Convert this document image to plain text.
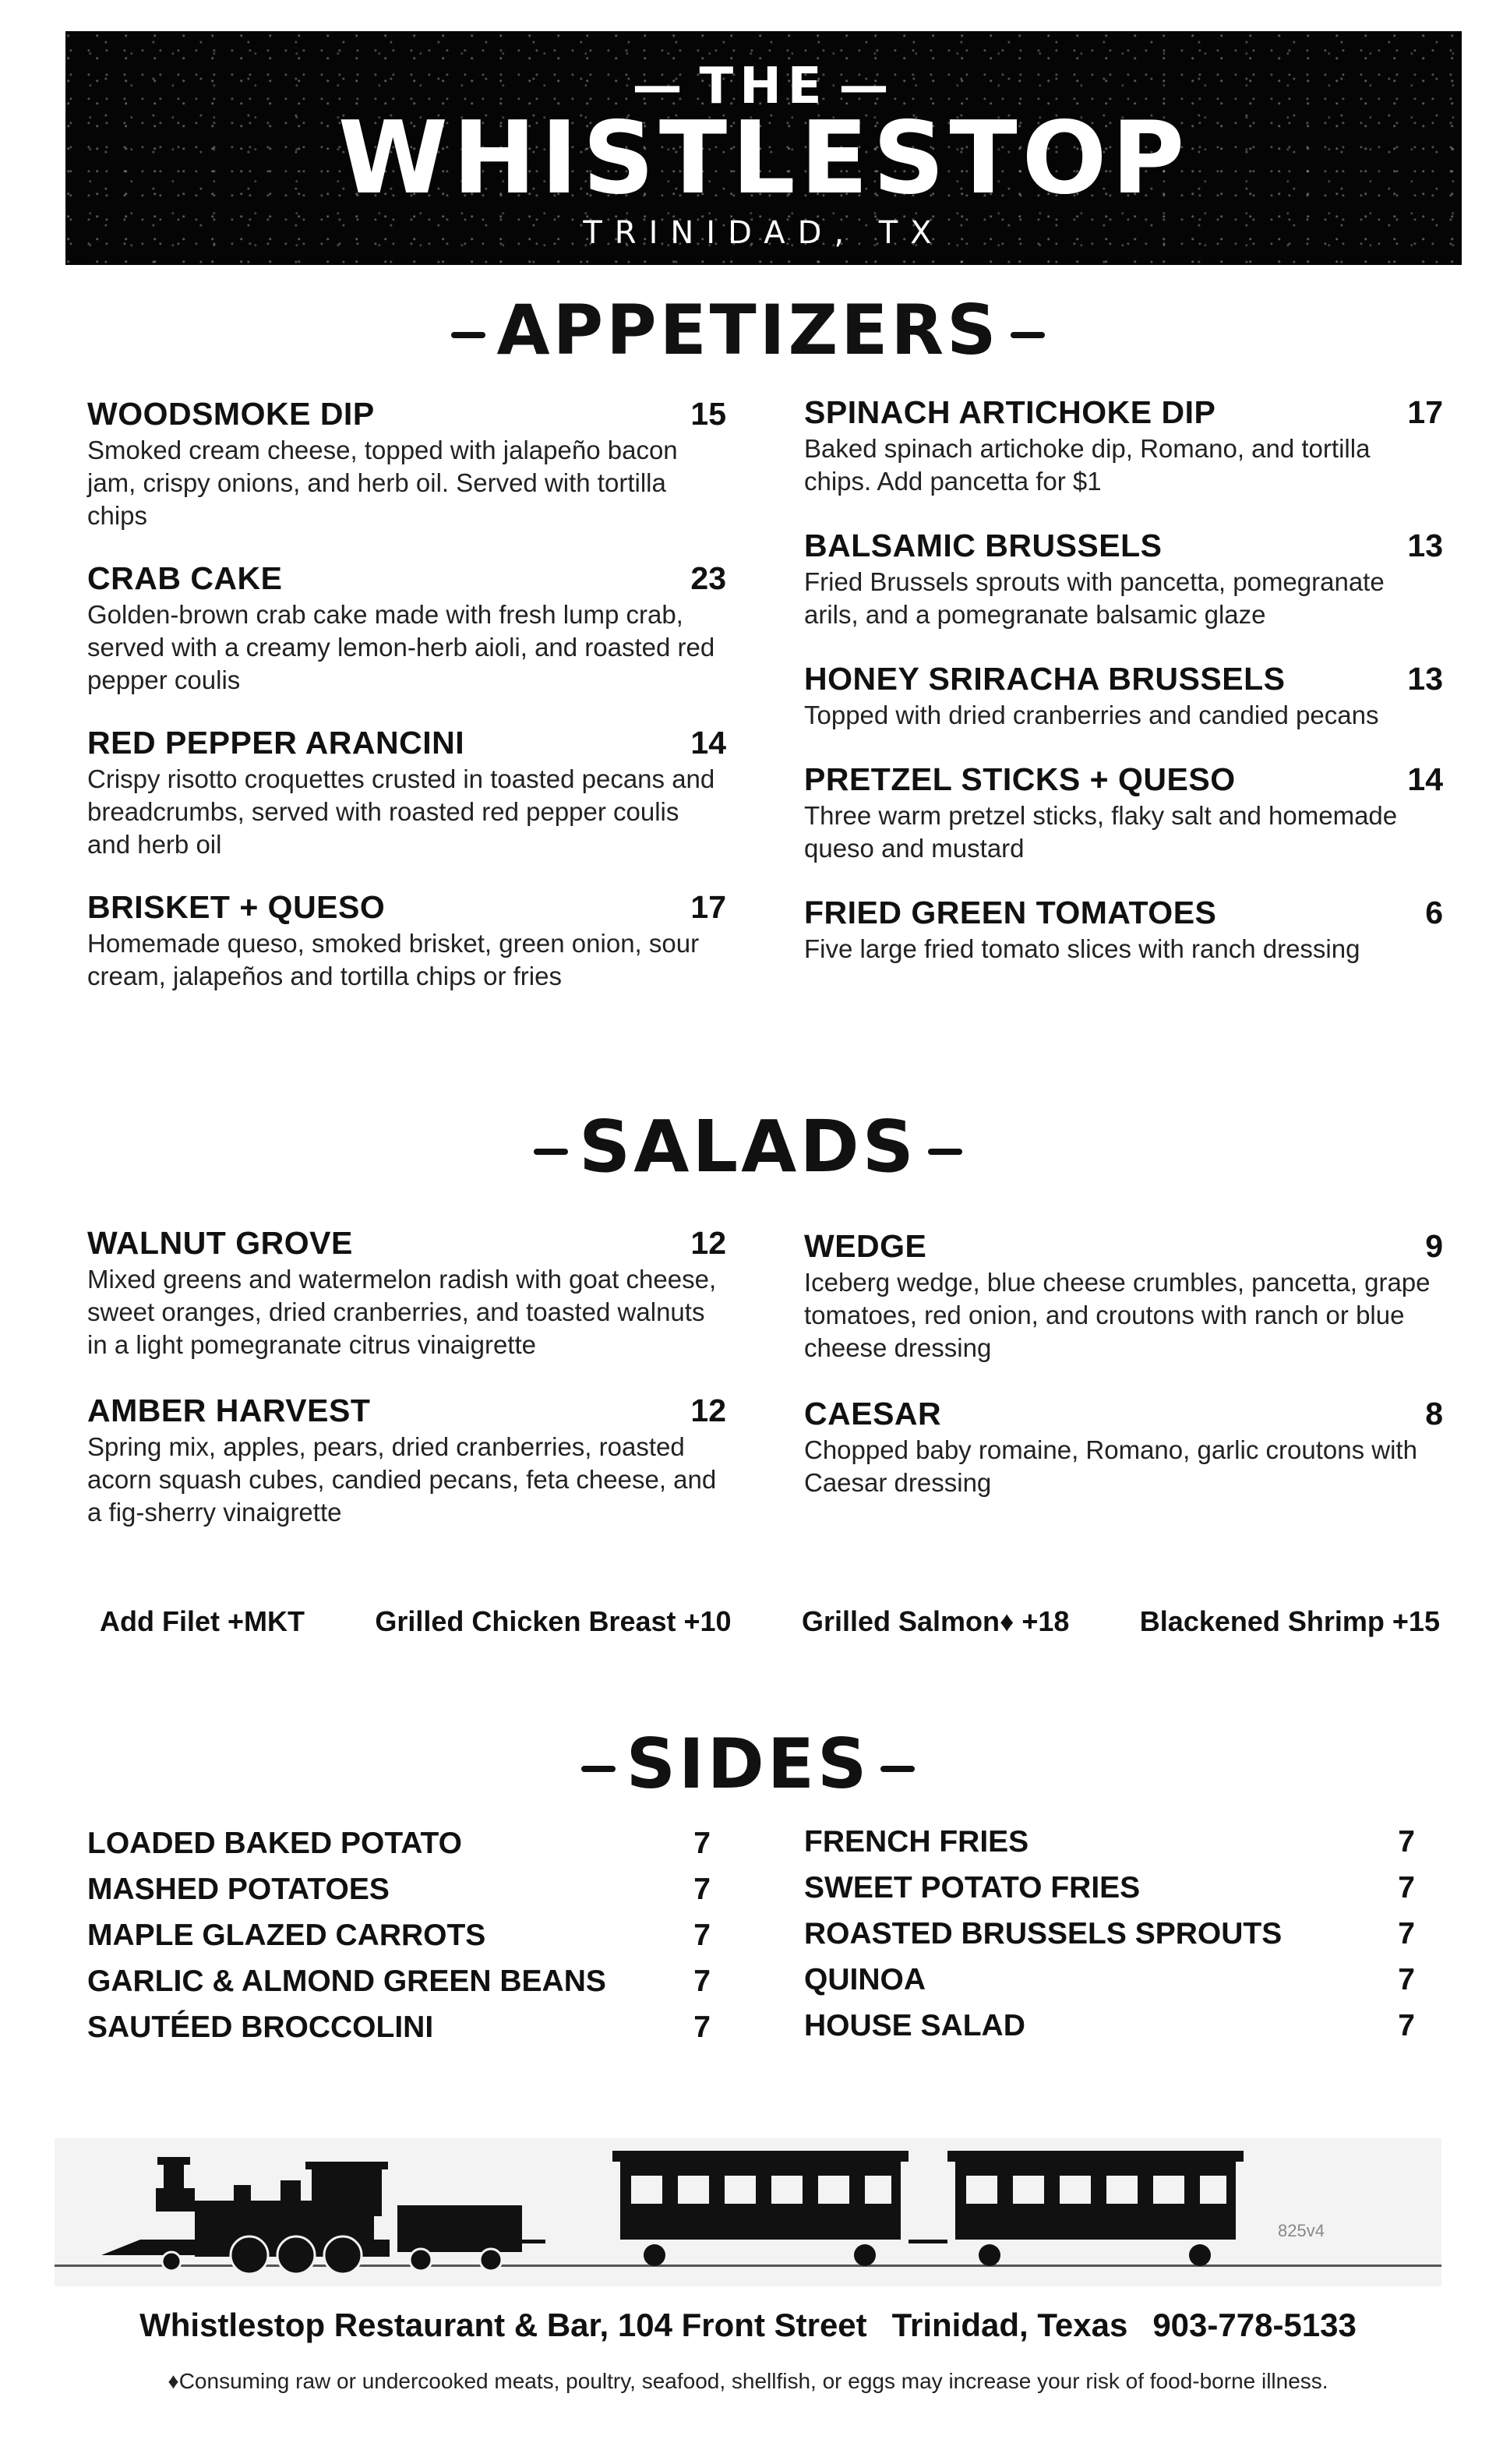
— THE —
WHISTLESTOP
TRINIDAD, TX
APPETIZERS
WOODSMOKE DIP	15
Smoked cream cheese, topped with jalapeño bacon jam, crispy onions, and herb oil. Served with tortilla chips
CRAB CAKE	23
Golden-brown crab cake made with fresh lump crab, served with a creamy lemon-herb aioli, and roasted red pepper coulis
RED PEPPER ARANCINI	14
Crispy risotto croquettes crusted in toasted pecans and breadcrumbs, served with roasted red pepper coulis and herb oil
BRISKET + QUESO	17
Homemade queso, smoked brisket, green onion, sour cream, jalapeños and tortilla chips or fries
SPINACH ARTICHOKE DIP	17
Baked spinach artichoke dip, Romano, and tortilla chips. Add pancetta for $1
BALSAMIC BRUSSELS	13
Fried Brussels sprouts with pancetta, pomegranate arils, and a pomegranate balsamic glaze
HONEY SRIRACHA BRUSSELS	13
Topped with dried cranberries and candied pecans
PRETZEL STICKS + QUESO	14
Three warm pretzel sticks, flaky salt and homemade queso and mustard
FRIED GREEN TOMATOES	6
Five large fried tomato slices with ranch dressing
SALADS
WALNUT GROVE	12
Mixed greens and watermelon radish with goat cheese, sweet oranges, dried cranberries, and toasted walnuts in a light pomegranate citrus vinaigrette
AMBER HARVEST	12
Spring mix, apples, pears, dried cranberries, roasted acorn squash cubes, candied pecans, feta cheese, and a fig-sherry vinaigrette
WEDGE	9
Iceberg wedge, blue cheese crumbles, pancetta, grape tomatoes, red onion, and croutons with ranch or blue cheese dressing
CAESAR	8
Chopped baby romaine, Romano, garlic croutons with Caesar dressing
Add Filet +MKT	Grilled Chicken Breast +10	Grilled Salmon♦ +18	Blackened Shrimp +15
SIDES
LOADED BAKED POTATO	7
MASHED POTATOES	7
MAPLE GLAZED CARROTS	7
GARLIC & ALMOND GREEN BEANS	7
SAUTÉED BROCCOLINI	7
FRENCH FRIES	7
SWEET POTATO FRIES	7
ROASTED BRUSSELS SPROUTS	7
QUINOA	7
HOUSE SALAD	7
825v4
Whistlestop Restaurant & Bar, 104 Front Street Trinidad, Texas 903-778-5133
♦Consuming raw or undercooked meats, poultry, seafood, shellfish, or eggs may increase your risk of food-borne illness.
